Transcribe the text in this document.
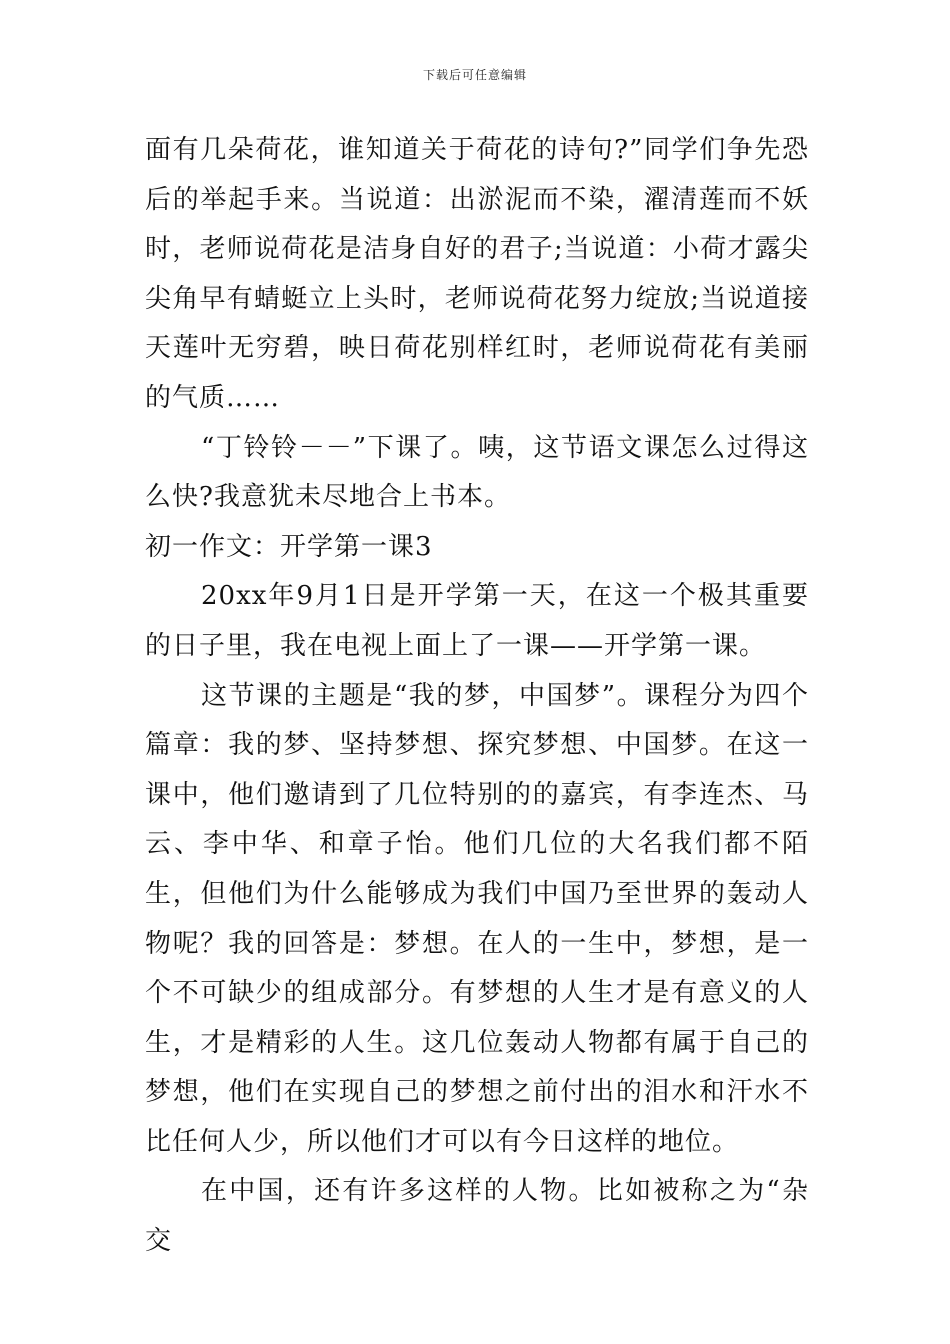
下载后可任意编辑

面有几朵荷花，谁知道关于荷花的诗句?”同学们争先恐后的举起手来。当说道：出淤泥而不染，濯清莲而不妖时，老师说荷花是洁身自好的君子;当说道：小荷才露尖尖角早有蜻蜓立上头时，老师说荷花努力绽放;当说道接天莲叶无穷碧，映日荷花别样红时，老师说荷花有美丽的气质……

“丁铃铃－－”下课了。咦，这节语文课怎么过得这么快?我意犹未尽地合上书本。

初一作文：开学第一课3

20xx年9月1日是开学第一天，在这一个极其重要的日子里，我在电视上面上了一课——开学第一课。

这节课的主题是“我的梦，中国梦”。课程分为四个篇章：我的梦、坚持梦想、探究梦想、中国梦。在这一课中，他们邀请到了几位特别的的嘉宾，有李连杰、马云、李中华、和章子怡。他们几位的大名我们都不陌生，但他们为什么能够成为我们中国乃至世界的轰动人物呢？我的回答是：梦想。在人的一生中，梦想，是一个不可缺少的组成部分。有梦想的人生才是有意义的人生，才是精彩的人生。这几位轰动人物都有属于自己的梦想，他们在实现自己的梦想之前付出的泪水和汗水不比任何人少，所以他们才可以有今日这样的地位。

在中国，还有许多这样的人物。比如被称之为“杂交
